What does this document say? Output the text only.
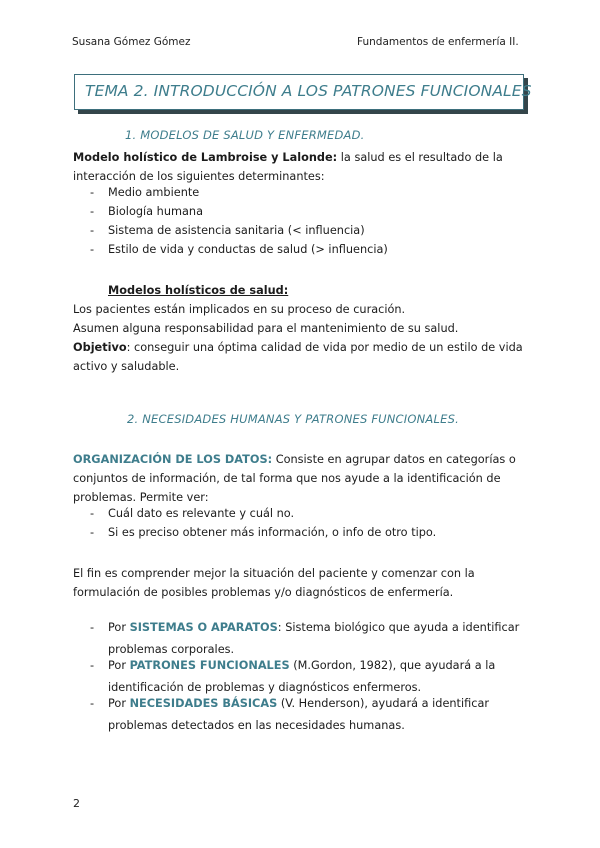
Susana Gómez Gómez	Fundamentos de enfermería II.
TEMA 2. INTRODUCCIÓN A LOS PATRONES FUNCIONALES
1. MODELOS DE SALUD Y ENFERMEDAD.
Modelo holístico de Lambroise y Lalonde: la salud es el resultado de la
interacción de los siguientes determinantes:
- Medio ambiente
- Biología humana
- Sistema de asistencia sanitaria (< influencia)
- Estilo de vida y conductas de salud (> influencia)
Modelos holísticos de salud:
Los pacientes están implicados en su proceso de curación.
Asumen alguna responsabilidad para el mantenimiento de su salud.
Objetivo: conseguir una óptima calidad de vida por medio de un estilo de vida
activo y saludable.
2. NECESIDADES HUMANAS Y PATRONES FUNCIONALES.
ORGANIZACIÓN DE LOS DATOS: Consiste en agrupar datos en categorías o
conjuntos de información, de tal forma que nos ayude a la identificación de
problemas. Permite ver:
- Cuál dato es relevante y cuál no.
- Si es preciso obtener más información, o info de otro tipo.
El fin es comprender mejor la situación del paciente y comenzar con la
formulación de posibles problemas y/o diagnósticos de enfermería.
- Por SISTEMAS O APARATOS: Sistema biológico que ayuda a identificar
problemas corporales.
- Por PATRONES FUNCIONALES (M.Gordon, 1982), que ayudará a la
identificación de problemas y diagnósticos enfermeros.
- Por NECESIDADES BÁSICAS (V. Henderson), ayudará a identificar
problemas detectados en las necesidades humanas.
2
